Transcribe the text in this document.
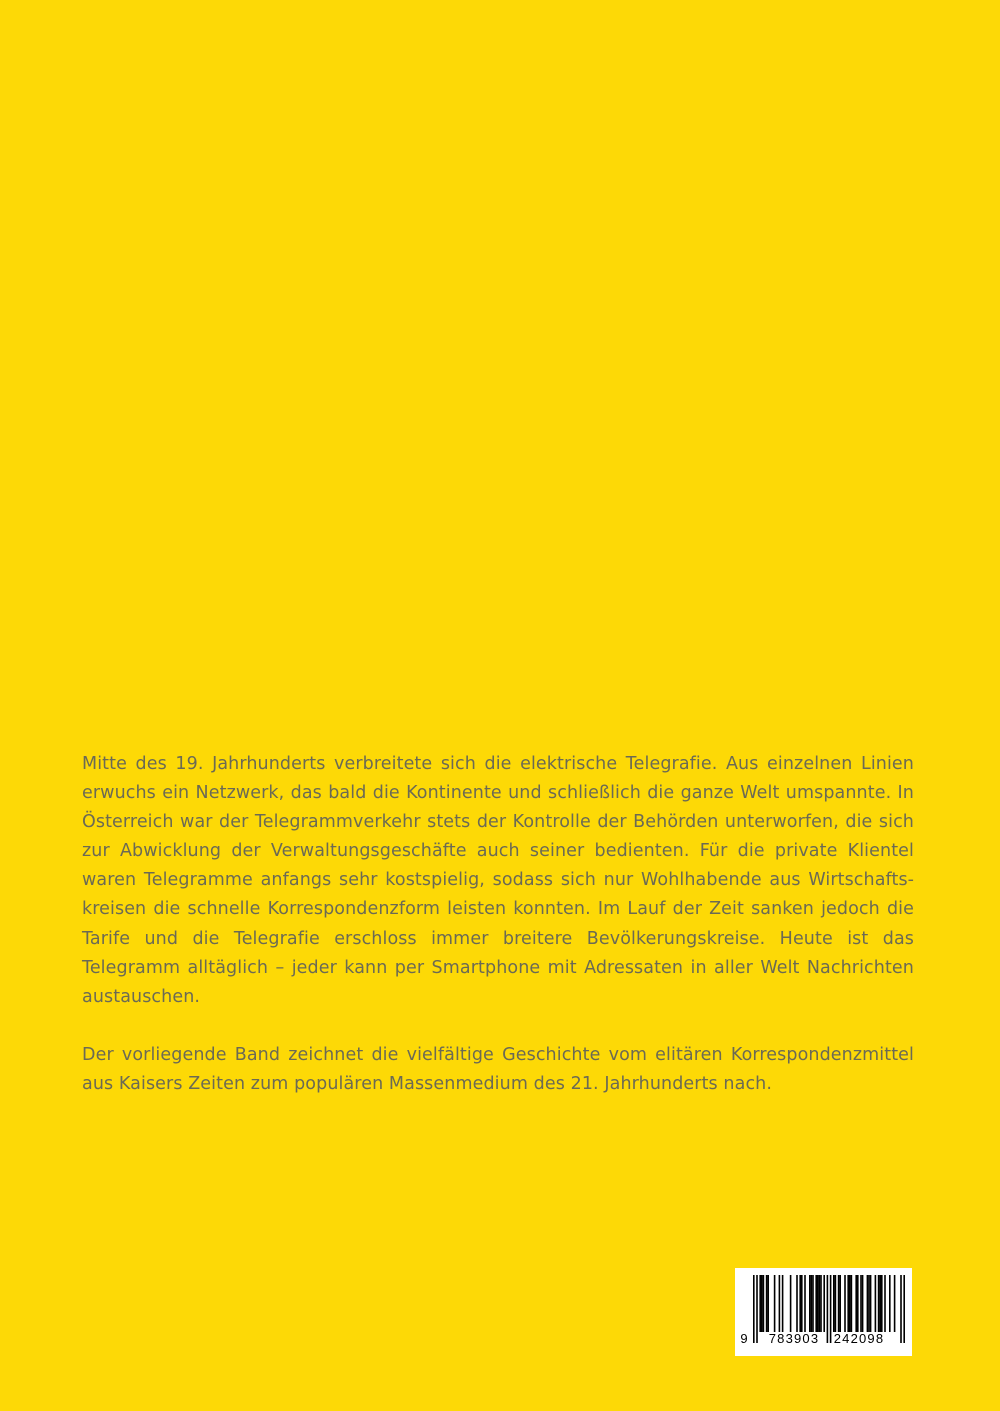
Mitte des 19. Jahrhunderts verbreitete sich die elektrische Telegrafie. Aus einzelnen Linien erwuchs ein Netzwerk, das bald die Kontinente und schließlich die ganze Welt umspannte. In Österreich war der Telegrammverkehr stets der Kontrolle der Behörden unterworfen, die sich zur Abwicklung der Verwaltungsgeschäfte auch seiner bedienten. Für die private Klientel waren Telegramme anfangs sehr kostspielig, sodass sich nur Wohlhabende aus Wirtschaftskreisen die schnelle Korrespondenzform leisten konnten. Im Lauf der Zeit sanken jedoch die Tarife und die Telegrafie erschloss immer breitere Bevölkerungskreise. Heute ist das Telegramm alltäglich – jeder kann per Smartphone mit Adressaten in aller Welt Nachrichten austauschen.

Der vorliegende Band zeichnet die vielfältige Geschichte vom elitären Korrespondenzmittel aus Kaisers Zeiten zum populären Massenmedium des 21. Jahrhunderts nach.

9 783903 242098
